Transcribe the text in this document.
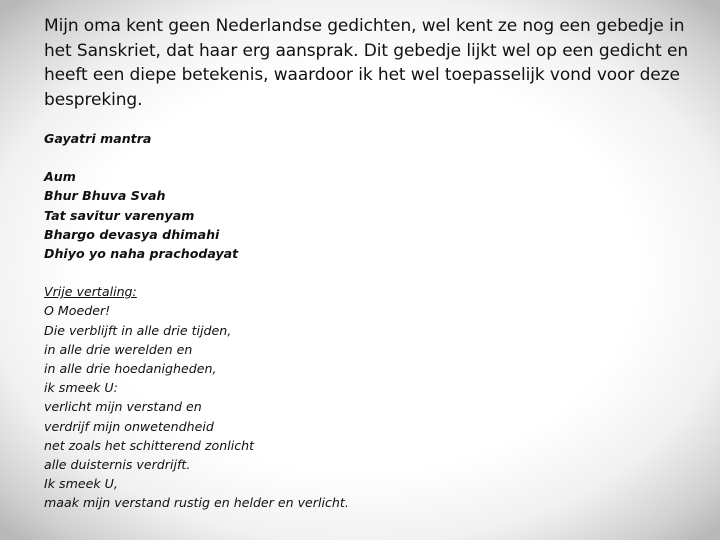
Mijn oma kent geen Nederlandse gedichten, wel kent ze nog een gebedje in het Sanskriet, dat haar erg aansprak. Dit gebedje lijkt wel op een gedicht en heeft een diepe betekenis, waardoor ik het wel toepasselijk vond voor deze bespreking.

Gayatri mantra
Aum
Bhur Bhuva Svah
Tat savitur varenyam
Bhargo devasya dhimahi
Dhiyo yo naha prachodayat
Vrije vertaling:
O Moeder!
Die verblijft in alle drie tijden,
in alle drie werelden en
in alle drie hoedanigheden,
ik smeek U:
verlicht mijn verstand en
verdrijf mijn onwetendheid
net zoals het schitterend zonlicht
alle duisternis verdrijft.
Ik smeek U,
maak mijn verstand rustig en helder en verlicht.
